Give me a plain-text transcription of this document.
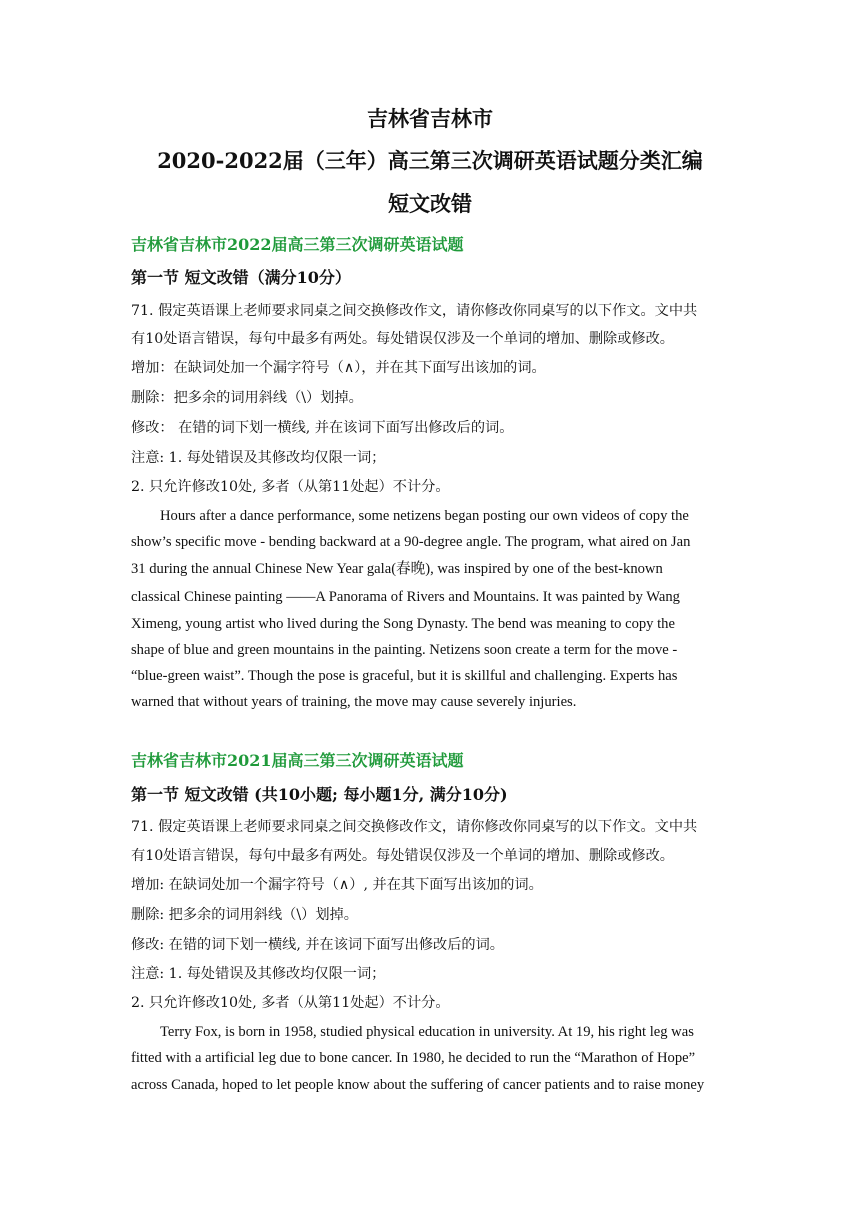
吉林省吉林市
2020-2022届（三年）高三第三次调研英语试题分类汇编
短文改错
吉林省吉林市2022届高三第三次调研英语试题
第一节 短文改错（满分10分）
71. 假定英语课上老师要求同桌之间交换修改作文，请你修改你同桌写的以下作文。文中共
有10处语言错误，每句中最多有两处。每处错误仅涉及一个单词的增加、删除或修改。
增加：在缺词处加一个漏字符号（∧），并在其下面写出该加的词。
删除：把多余的词用斜线（\）划掉。
修改： 在错的词下划一横线, 并在该词下面写出修改后的词。
注意: 1. 每处错误及其修改均仅限一词；
2. 只允许修改10处, 多者（从第11处起）不计分。
Hours after a dance performance, some netizens began posting our own videos of copy the
show’s specific move - bending backward at a 90-degree angle. The program, what aired on Jan
31 during the annual Chinese New Year gala(春晚), was inspired by one of the best-known
classical Chinese painting ——A Panorama of Rivers and Mountains. It was painted by Wang
Ximeng, young artist who lived during the Song Dynasty. The bend was meaning to copy the
shape of blue and green mountains in the painting. Netizens soon create a term for the move -
“blue-green waist”. Though the pose is graceful, but it is skillful and challenging. Experts has
warned that without years of training, the move may cause severely injuries.
吉林省吉林市2021届高三第三次调研英语试题
第一节 短文改错 (共10小题; 每小题1分, 满分10分)
71. 假定英语课上老师要求同桌之间交换修改作文，请你修改你同桌写的以下作文。文中共
有10处语言错误，每句中最多有两处。每处错误仅涉及一个单词的增加、删除或修改。
增加: 在缺词处加一个漏字符号（∧）, 并在其下面写出该加的词。
删除: 把多余的词用斜线（\）划掉。
修改: 在错的词下划一横线, 并在该词下面写出修改后的词。
注意: 1. 每处错误及其修改均仅限一词；
2. 只允许修改10处, 多者（从第11处起）不计分。
Terry Fox, is born in 1958, studied physical education in university. At 19, his right leg was
fitted with a artificial leg due to bone cancer. In 1980, he decided to run the “Marathon of Hope”
across Canada, hoped to let people know about the suffering of cancer patients and to raise money
